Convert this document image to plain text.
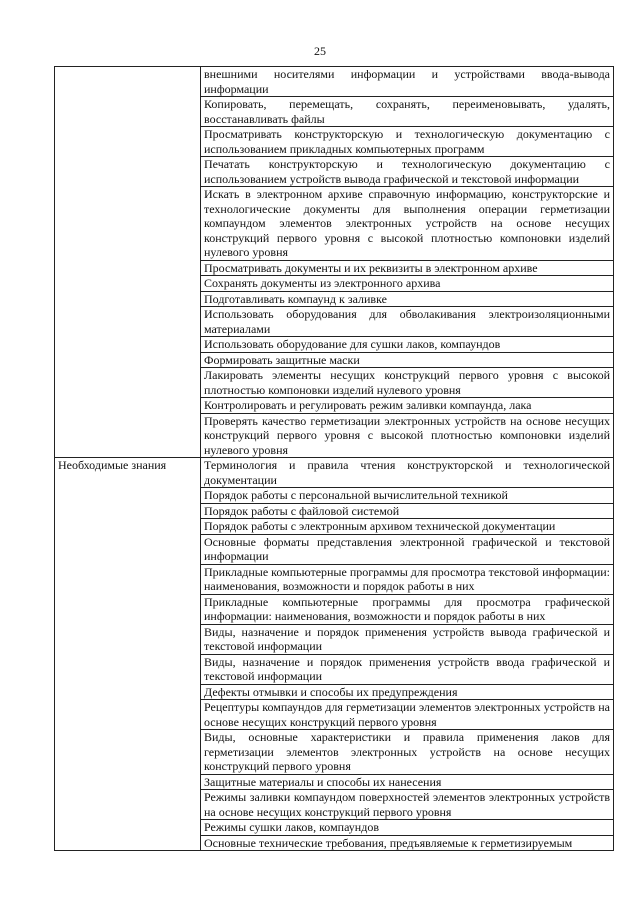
25
	внешними носителями информации и устройствами ввода-вывода информации
	Копировать, перемещать, сохранять, переименовывать, удалять, восстанавливать файлы
	Просматривать конструкторскую и технологическую документацию с использованием прикладных компьютерных программ
	Печатать конструкторскую и технологическую документацию с использованием устройств вывода графической и текстовой информации
	Искать в электронном архиве справочную информацию, конструкторские и технологические документы для выполнения операции герметизации компаундом элементов электронных устройств на основе несущих конструкций первого уровня с высокой плотностью компоновки изделий нулевого уровня
	Просматривать документы и их реквизиты в электронном архиве
	Сохранять документы из электронного архива
	Подготавливать компаунд к заливке
	Использовать оборудования для обволакивания электроизоляционными материалами
	Использовать оборудование для сушки лаков, компаундов
	Формировать защитные маски
	Лакировать элементы несущих конструкций первого уровня с высокой плотностью компоновки изделий нулевого уровня
	Контролировать и регулировать режим заливки компаунда, лака
	Проверять качество герметизации электронных устройств на основе несущих конструкций первого уровня с высокой плотностью компоновки изделий нулевого уровня

Необходимые знания	Терминология и правила чтения конструкторской и технологической документации
	Порядок работы с персональной вычислительной техникой
	Порядок работы с файловой системой
	Порядок работы с электронным архивом технической документации
	Основные форматы представления электронной графической и текстовой информации
	Прикладные компьютерные программы для просмотра текстовой информации: наименования, возможности и порядок работы в них
	Прикладные компьютерные программы для просмотра графической информации: наименования, возможности и порядок работы в них
	Виды, назначение и порядок применения устройств вывода графической и текстовой информации
	Виды, назначение и порядок применения устройств ввода графической и текстовой информации
	Дефекты отмывки и способы их предупреждения
	Рецептуры компаундов для герметизации элементов электронных устройств на основе несущих конструкций первого уровня
	Виды, основные характеристики и правила применения лаков для герметизации элементов электронных устройств на основе несущих конструкций первого уровня
	Защитные материалы и способы их нанесения
	Режимы заливки компаундом поверхностей элементов электронных устройств на основе несущих конструкций первого уровня
	Режимы сушки лаков, компаундов
	Основные технические требования, предъявляемые к герметизируемым
